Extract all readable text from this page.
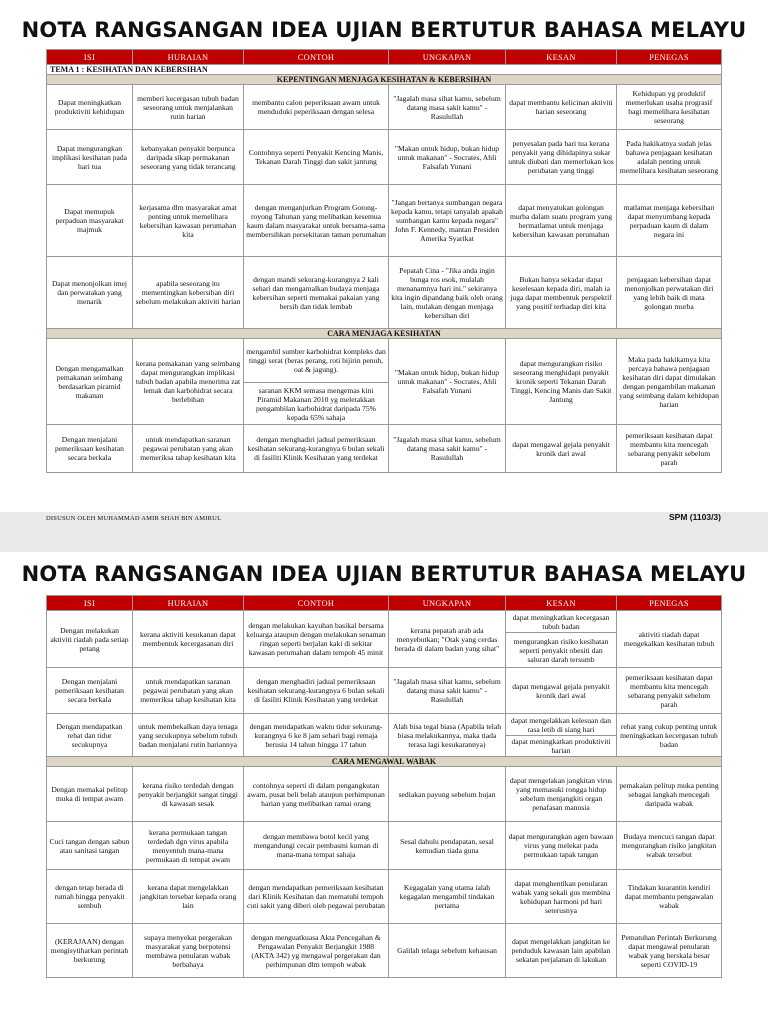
NOTA RANGSANGAN IDEA UJIAN BERTUTUR BAHASA MELAYU
ISI	HURAIAN	CONTOH	UNGKAPAN	KESAN	PENEGAS
TEMA 1 : KESIHATAN DAN KEBERSIHAN					
KEPENTINGAN MENJAGA KESIHATAN & KEBERSIHAN					
Dapat meningkatkan produktiviti kehidupan	memberi kecergasan tubuh badan seseorang untuk menjalankan rutin harian	membantu calon peperiksaan awam untuk menduduki peperiksaan dengan selesa	"Jagalah masa sihat kamu, sebelum datang masa sakit kamu" - Rasulullah	dapat membantu kelicinan aktiviti harian seseorang	Kehidupan yg produktif memerlukan usaha prograsif bagi memelihara kesihatan seseorang
Dapat mengurangkan implikasi kesihatan pada hari tua	kebanyakan penyakit berpunca daripada sikap permakanan seseorang yang tidak terancang	Contohnya seperti Penyakit Kencing Manis, Tekanan Darah Tinggi dan sakit jantung	"Makan untuk hidup, bukan hidup untuk makanan" - Socrates, Ahli Falsafah Yunani	penyesalan pada hari tua kerana penyakit yang dihidapinya sukar untuk diubati dan memerlukan kos perubatan yang tinggi	Pada hakikatnya sudah jelas bahawa penjagaan kesihatan adalah penting untuk memelihara kesihatan seseorang
Dapat memupuk perpaduan masyarakat majmuk	kerjasama dlm masyarakat amat penting untuk memelihara kebersihan kawasan perumahan kita	dengan menganjurkan Program Gotong-royong Tahunan yang melibatkan kesemua kaum dalam masyarakat untuk bersama-sama membersihkan persekitaran taman perumahan	"Jangan bertanya sumbangan negara kepada kamu, tetapi tanyalah apakah sumbangan kamu kepada negara" John F. Kennedy, mantan Presiden Amerika Syarikat	dapat menyatukan golongan murba dalam suatu program yang bermatlamat untuk menjaga kebersihan kawasan perumahan	matlamat menjaga kebersihan dapat menyumbang kepada perpaduan kaum di dalam negara ini
Dapat menonjolkan imej dan perwatakan yang menarik	apabila seseorang itu mementingkan kebersihan diri sebelum melakukan aktiviti harian	dengan mandi sekurang-kurangnya 2 kali sehari dan mengamalkan budaya menjaga kebersihan seperti memakai pakaian yang bersih dan tidak lembab	Pepatah Cina - "Jika anda ingin bunga ros esok, mulalah menanamnya hari ini." sekiranya kita ingin dipandang baik oleh orang lain, mulakan dengan menjaga kebersihan diri	Bukan hanya sekadar dapat keselesaan kepada diri, malah ia juga dapat membentuk perspektif yang positif terhadap diri kita	penjagaan kebersihan dapat menonjolkan perwatakan diri yang lebih baik di mata golongan murba
CARA MENJAGA KESIHATAN					
Dengan mengamalkan pemakanan seimbang berdasarkan piramid makanan	kerana pemakanan yang seimbang dapat mengurangkan implikasi tubuh badan apabila menerima zat lemak dan karbohidrat secara berlebihan	mengambil sumber karbohidrat kompleks dan tinggi serat (beras perang, roti bijirin penuh, oat & jagung).	"Makan untuk hidup, bukan hidup untuk makanan" - Socrates, Ahli Falsafah Yunani	dapat mengurangkan risiko seseorang menghidapi penyakit kronik seperti Tekanan Darah Tinggi, Kencing Manis dan Sakit Jantung	Maka pada hakikatnya kita percaya bahawa penjagaan kesihatan diri dapat dimulakan dengan pengambilan makanan yang seimbang dalam kehidupan harian
		saranan KKM semasa mengemas kini Piramid Makanan 2010 yg meletakkan pengambilan karbohidrat daripada 75% kepada 65% sahaja			
Dengan menjalani pemeriksaan kesihatan secara berkala	untuk mendapatkan saranan pegawai perubatan yang akan memeriksa tahap kesihatan kita	dengan menghadiri jadual pemeriksaan kesihatan sekurang-kurangnya 6 bulan sekali di fasiliti Klinik Kesihatan yang terdekat	"Jagalah masa sihat kamu, sebelum datang masa sakit kamu" - Rasulullah	dapat mengawal gejala penyakit kronik dari awal	pemeriksaan kesihatan dapat membantu kita mencegah sebarang penyakit sebelum parah
DISUSUN OLEH MUHAMMAD AMIR SHAH BIN AMIRUL	SPM (1103/3)
NOTA RANGSANGAN IDEA UJIAN BERTUTUR BAHASA MELAYU
ISI	HURAIAN	CONTOH	UNGKAPAN	KESAN	PENEGAS
Dengan melakukan aktiviti riadah pada setiap petang	kerana aktiviti kesukanan dapat membentuk kecergasanan diri	dengan melakukan kayuhan basikal bersama keluarga ataupun dengan melakukan senaman ringan seperti berjalan kaki di sekitar kawasan perumahan dalam tempoh 45 minit	kerana pepatah arab ada menyebutkan; "Otak yang cerdas berada di dalam badan yang sihat"	dapat meningkatkan kecergasan tubuh badan	aktiviti riadah dapat mengekalkan kesihatan tubuh
				mengurangkan risiko kesihatan seperti penyakit obesiti dan saluran darah tersumb	
Dengan menjalani pemeriksaan kesihatan secara berkala	untuk mendapatkan saranan pegawai perubatan yang akan memeriksa tahap kesihatan kita	dengan menghadiri jadual pemeriksaan kesihatan sekurang-kurangnya 6 bulan sekali di fasiliti Klinik Kesihatan yang terdekat	"Jagalah masa sihat kamu, sebelum datang masa sakit kamu" - Rasulullah	dapat mengawal gejala penyakit kronik dari awal	pemeriksaan kesihatan dapat membantu kita mencegah sebarang penyakit sebelum parah
Dengan mendapatkan rehat dan tidur secukupnya	untuk membekalkan daya tenaga yang secukupnya sebelum tubuh badan menjalani rutin hariannya	dengan mendapatkan waktu tidur sekurang-kurangnya 6 ke 8 jam sehari bagi remaja berusia 14 tahun hingga 17 tahun	Alah bisa tegal biasa (Apabila telah biasa melakukannya, maka tiada terasa lagi kesukarannya)	dapat mengelakkan kelesuan dan rasa letih di siang hari	rehat yang cukup penting untuk meningkatkan kecergasan tubuh badan
				dapat meningkatkan produktiviti harian	
CARA MENGAWAL WABAK					
Dengan memakai pelitup muka di tempat awam	kerana risiko terdedah dengan penyakit berjangkit sangat tinggi di kawasan sesak	contohnya seperti di dalam pengangkutan awam, pusat beli belah ataupun perhimpunan harian yang melibatkan ramai orang	sediakan payung sebelum hujan	dapat mengelakan jangkitan virus yang memasuki rongga hidup sebelum menjangkiti organ penafasan manusia	pemakaian pelitup muka penting sebagai langkah mencegah daripada wabak
Cuci tangan dengan sabun atau sanitasi tangan	kerana permukaan tangan terdedah dgn virus apabila menyentuh mana-mana permukaan di tempat awam	dengan membawa botol kecil yang mengandungi cecair pembasmi kuman di mana-mana tempat sahaja	Sesal dahulu pendapatan, sesal kemudian tiada guna	dapat mengurangkan agen bawaan virus yang melekat pada permukaan tapak tangan	Budaya mencuci tangan dapat mengurangkan risiko jangkitan wabak tersebut
dengan tetap berada di rumah hingga penyakit sembuh	kerana dapat mengelakkan jangkitan tersebar kepada orang lain	dengan mendapatkan pemeriksaan kesihatan dari Klinik Kesihatan dan mematuhi tempoh cuti sakit yang diberi oleh pegawai perubatan	Kegagalan yang utama ialah kegagalan mengambil tindakan pertama	dapat menghentikan penularan wabak yang sekali gus membina kehidupan harmoni pd hari seterusnya	Tindakan kuarantin kendiri dapat membantu pengawalan wabak
(KERAJAAN) dengan mengisytiharkan perintah berkurung	supaya menyekat pergerakan masyarakat yang berpotensi membawa penularan wabak berbahaya	dengan menguatkuasa Akta Pencegahan & Pengawalan Penyakit Berjangkit 1988 (AKTA 342) yg mengawal pergerakan dan perhimpunan dlm tempoh wabak	Galilah telaga sebelum kehausan	dapat mengelakkan jangkitan ke penduduk kawasan lain apabilan sekatan perjalanan di lakukan	Pematuhan Perintah Berkurung dapat mengawal penularan wabak yang berskala besar seperti COVID-19
